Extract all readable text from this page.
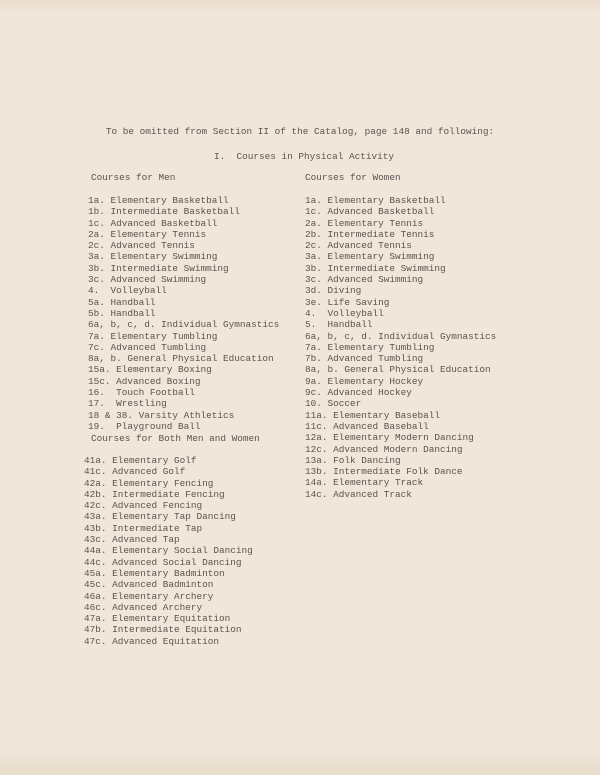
To be omitted from Section II of the Catalog, page 148 and following:
I.  Courses in Physical Activity
Courses for Men
1a. Elementary Basketball
1b. Intermediate Basketball
1c. Advanced Basketball
2a. Elementary Tennis
2c. Advanced Tennis
3a. Elementary Swimming
3b. Intermediate Swimming
3c. Advanced Swimming
4.  Volleyball
5a. Handball
5b. Handball
6a, b, c, d. Individual Gymnastics
7a. Elementary Tumbling
7c. Advanced Tumbling
8a, b. General Physical Education
15a. Elementary Boxing
15c. Advanced Boxing
16.  Touch Football
17.  Wrestling
18 & 38. Varsity Athletics
19.  Playground Ball
Courses for Both Men and Women
41a. Elementary Golf
41c. Advanced Golf
42a. Elementary Fencing
42b. Intermediate Fencing
42c. Advanced Fencing
43a. Elementary Tap Dancing
43b. Intermediate Tap
43c. Advanced Tap
44a. Elementary Social Dancing
44c. Advanced Social Dancing
45a. Elementary Badminton
45c. Advanced Badminton
46a. Elementary Archery
46c. Advanced Archery
47a. Elementary Equitation
47b. Intermediate Equitation
47c. Advanced Equitation
Courses for Women
1a. Elementary Basketball
1c. Advanced Basketball
2a. Elementary Tennis
2b. Intermediate Tennis
2c. Advanced Tennis
3a. Elementary Swimming
3b. Intermediate Swimming
3c. Advanced Swimming
3d. Diving
3e. Life Saving
4.  Volleyball
5.  Handball
6a, b, c, d. Individual Gymnastics
7a. Elementary Tumbling
7b. Advanced Tumbling
8a, b. General Physical Education
9a. Elementary Hockey
9c. Advanced Hockey
10. Soccer
11a. Elementary Baseball
11c. Advanced Baseball
12a. Elementary Modern Dancing
12c. Advanced Modern Dancing
13a. Folk Dancing
13b. Intermediate Folk Dance
14a. Elementary Track
14c. Advanced Track
